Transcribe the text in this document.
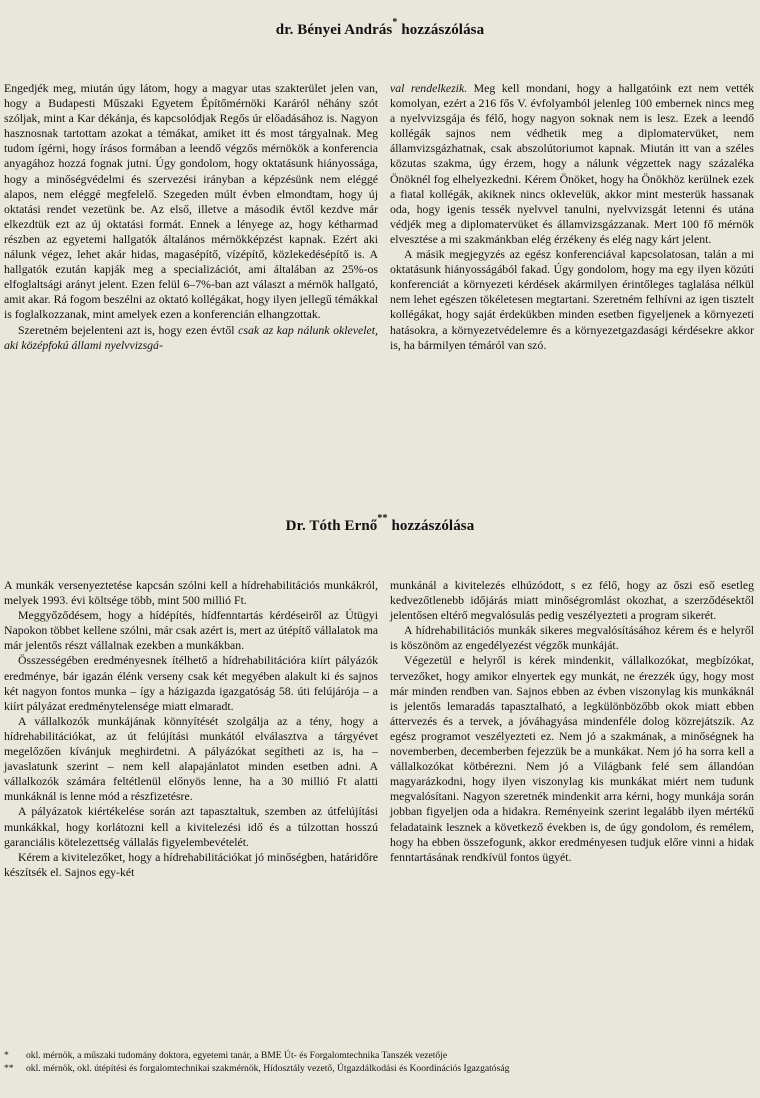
dr. Bényei András* hozzászólása

Engedjék meg, miután úgy látom, hogy a magyar utas szakterület jelen van, hogy a Budapesti Műszaki Egyetem Építőmérnöki Karáról néhány szót szóljak, mint a Kar dékánja, és kapcsolódjak Regős úr előadásához is. Nagyon hasznosnak tartottam azokat a témákat, amiket itt és most tárgyalnak. Meg tudom ígérni, hogy írásos formában a leendő végzős mérnökök a konferencia anyagához hozzá fognak jutni. Úgy gondolom, hogy oktatásunk hiányossága, hogy a minőségvédelmi és szervezési irányban a képzésünk nem eléggé alapos, nem eléggé megfelelő. Szegeden múlt évben elmondtam, hogy új oktatási rendet vezetünk be. Az első, illetve a második évtől kezdve már elkezdtük ezt az új oktatási formát. Ennek a lényege az, hogy kétharmad részben az egyetemi hallgatók általános mérnökképzést kapnak. Ezért aki nálunk végez, lehet akár hidas, magasépítő, vízépítő, közlekedésépítő is. A hallgatók ezután kapják meg a specializációt, ami általában az 25%-os elfoglaltsági arányt jelent. Ezen felül 6–7%-ban azt választ a mérnök hallgató, amit akar. Rá fogom beszélni az oktató kollégákat, hogy ilyen jellegű témákkal is foglalkozzanak, mint amelyek ezen a konferencián elhangzottak.

Szeretném bejelenteni azt is, hogy ezen évtől csak az kap nálunk oklevelet, aki középfokú állami nyelvvizsgá-

val rendelkezik. Meg kell mondani, hogy a hallgatóink ezt nem vették komolyan, ezért a 216 fős V. évfolyamból jelenleg 100 embernek nincs meg a nyelvvizsgája és félő, hogy nagyon soknak nem is lesz. Ezek a leendő kollégák sajnos nem védhetik meg a diplomatervüket, nem államvizsgázhatnak, csak abszolútoriumot kapnak. Miután itt van a széles közutas szakma, úgy érzem, hogy a nálunk végzettek nagy százaléka Önöknél fog elhelyezkedni. Kérem Önöket, hogy ha Önökhöz kerülnek ezek a fiatal kollégák, akiknek nincs oklevelük, akkor mint mesterük hassanak oda, hogy igenis tessék nyelvvel tanulni, nyelvvizsgát letenni és utána védjék meg a diplomatervüket és államvizsgázzanak. Mert 100 fő mérnök elvesztése a mi szakmánkban elég érzékeny és elég nagy kárt jelent.

A másik megjegyzés az egész konferenciával kapcsolatosan, talán a mi oktatásunk hiányosságából fakad. Úgy gondolom, hogy ma egy ilyen közúti konferenciát a környezeti kérdések akármilyen érintőleges taglalása nélkül nem lehet egészen tökéletesen megtartani. Szeretném felhívni az igen tisztelt kollégákat, hogy saját érdekükben minden esetben figyeljenek a környezeti hatásokra, a környezetvédelemre és a környezetgazdasági kérdésekre akkor is, ha bármilyen témáról van szó.

Dr. Tóth Ernő** hozzászólása

A munkák versenyeztetése kapcsán szólni kell a hídrehabilitációs munkákról, melyek 1993. évi költsége több, mint 500 millió Ft.

Meggyőződésem, hogy a hídépítés, hídfenntartás kérdéseiről az Útügyi Napokon többet kellene szólni, már csak azért is, mert az útépítő vállalatok ma már jelentős részt vállalnak ezekben a munkákban.

Összességében eredményesnek ítélhető a hídrehabilitációra kiírt pályázók eredménye, bár igazán élénk verseny csak két megyében alakult ki és sajnos két nagyon fontos munka – így a házigazda igazgatóság 58. úti felújárója – a kiírt pályázat eredménytelensége miatt elmaradt.

A vállalkozók munkájának könnyítését szolgálja az a tény, hogy a hídrehabilitációkat, az út felújítási munkától elválasztva a tárgyévet megelőzően kívánjuk meghirdetni. A pályázókat segítheti az is, ha – javaslatunk szerint – nem kell alapajánlatot minden esetben adni. A vállalkozók számára feltétlenül előnyös lenne, ha a 30 millió Ft alatti munkáknál is lenne mód a részfizetésre.

A pályázatok kiértékelése során azt tapasztaltuk, szemben az útfelújítási munkákkal, hogy korlátozni kell a kivitelezési idő és a túlzottan hosszú garanciális kötelezettség vállalás figyelembevételét.

Kérem a kivitelezőket, hogy a hídrehabilitációkat jó minőségben, határidőre készítsék el. Sajnos egy-két

munkánál a kivitelezés elhúzódott, s ez félő, hogy az őszi eső esetleg kedvezőtlenebb időjárás miatt minőségromlást okozhat, a szerződésektől jelentősen eltérő megvalósulás pedig veszélyezteti a program sikerét.

A hídrehabilitációs munkák sikeres megvalósításához kérem és e helyről is köszönöm az engedélyezést végzők munkáját.

Végezetül e helyről is kérek mindenkit, vállalkozókat, megbízókat, tervezőket, hogy amikor elnyertek egy munkát, ne érezzék úgy, hogy most már minden rendben van. Sajnos ebben az évben viszonylag kis munkáknál is jelentős lemaradás tapasztalható, a legkülönbözőbb okok miatt ebben áttervezés és a tervek, a jóváhagyása mindenféle dolog közrejátszik. Az egész programot veszélyezteti ez. Nem jó a szakmának, a minőségnek ha novemberben, decemberben fejezzük be a munkákat. Nem jó ha sorra kell a vállalkozókat kötbérezni. Nem jó a Világbank felé sem állandóan magyarázkodni, hogy ilyen viszonylag kis munkákat miért nem tudunk megvalósítani. Nagyon szeretnék mindenkit arra kérni, hogy munkája során jobban figyeljen oda a hidakra. Reményeink szerint legalább ilyen mértékű feladataink lesznek a következő években is, de úgy gondolom, és remélem, hogy ha ebben összefogunk, akkor eredményesen tudjuk előre vinni a hidak fenntartásának rendkívül fontos ügyét.

*	okl. mérnök, a műszaki tudomány doktora, egyetemi tanár, a BME Út- és Forgalomtechnika Tanszék vezetője
**	okl. mérnök, okl. útépítési és forgalomtechnikai szakmérnök, Hídosztály vezető, Útgazdálkodási és Koordinációs Igazgatóság
